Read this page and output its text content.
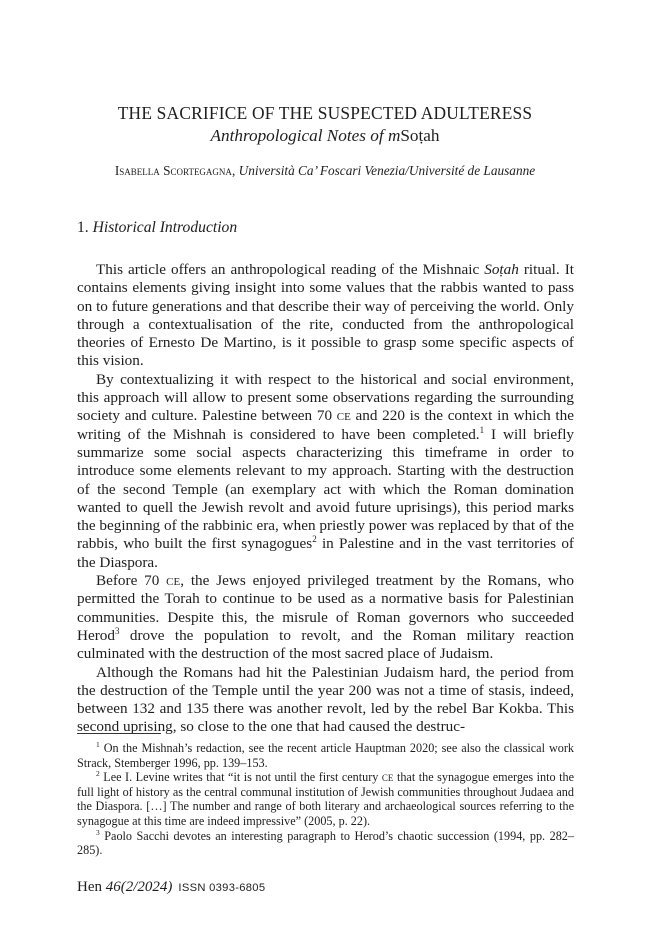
THE SACRIFICE OF THE SUSPECTED ADULTERESS
Anthropological Notes of mSoṭah
Isabella Scortegagna, Università Ca’ Foscari Venezia/Université de Lausanne
1. Historical Introduction

This article offers an anthropological reading of the Mishnaic Soṭah ritual. It contains elements giving insight into some values that the rabbis wanted to pass on to future generations and that describe their way of perceiving the world. Only through a contextualisation of the rite, conducted from the anthropological theories of Ernesto De Martino, is it possible to grasp some specific aspects of this vision.

By contextualizing it with respect to the historical and social environment, this approach will allow to present some observations regarding the surrounding society and culture. Palestine between 70 ce and 220 is the context in which the writing of the Mishnah is considered to have been completed.$^1$ I will briefly summarize some social aspects characterizing this timeframe in order to introduce some elements relevant to my approach. Starting with the destruction of the second Temple (an exemplary act with which the Roman domination wanted to quell the Jewish revolt and avoid future uprisings), this period marks the beginning of the rabbinic era, when priestly power was replaced by that of the rabbis, who built the first synagogues$^2$ in Palestine and in the vast territories of the Diaspora.

Before 70 ce, the Jews enjoyed privileged treatment by the Romans, who permitted the Torah to continue to be used as a normative basis for Palestinian communities. Despite this, the misrule of Roman governors who succeeded Herod$^3$ drove the population to revolt, and the Roman military reaction culminated with the destruction of the most sacred place of Judaism.

Although the Romans had hit the Palestinian Judaism hard, the period from the destruction of the Temple until the year 200 was not a time of stasis, indeed, between 132 and 135 there was another revolt, led by the rebel Bar Kokba. This second uprising, so close to the one that had caused the destruc-

$^1$ On the Mishnah’s redaction, see the recent article Hauptman 2020; see also the classical work Strack, Stemberger 1996, pp. 139–153.

$^2$ Lee I. Levine writes that “it is not until the first century ce that the synagogue emerges into the full light of history as the central communal institution of Jewish communities throughout Judaea and the Diaspora. […] The number and range of both literary and archaeological sources referring to the synagogue at this time are indeed impressive” (2005, p. 22).

$^3$ Paolo Sacchi devotes an interesting paragraph to Herod’s chaotic succession (1994, pp. 282–285).

Hen 46(2/2024) ISSN 0393-6805
